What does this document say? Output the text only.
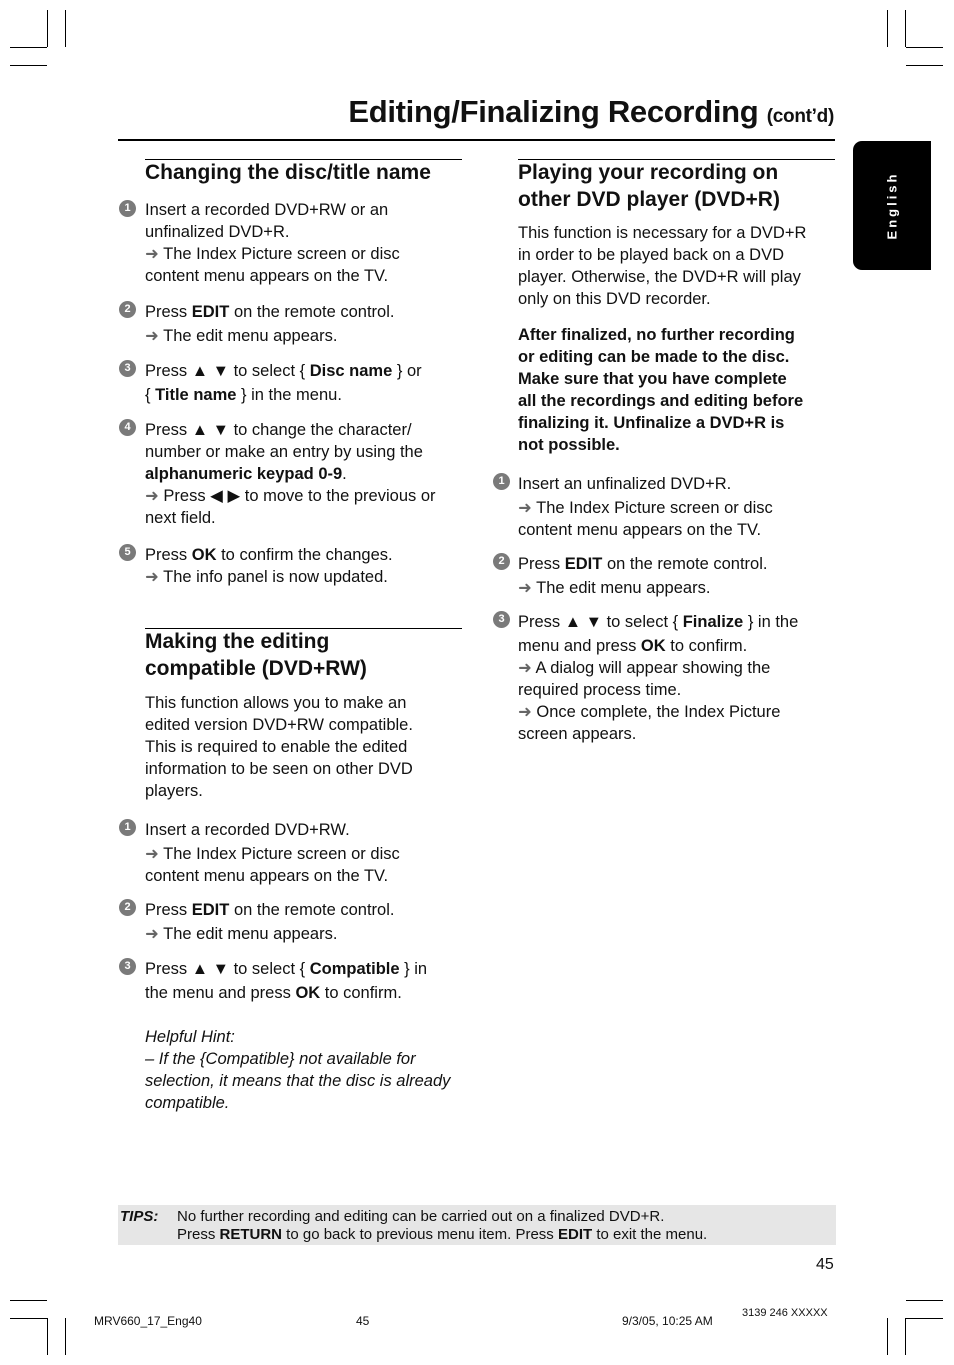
Editing/Finalizing Recording (cont’d)
English
Changing the disc/title name
1 Insert a recorded DVD+RW or an
unfinalized DVD+R.
➜ The Index Picture screen or disc
content menu appears on the TV.
2 Press EDIT on the remote control.
➜ The edit menu appears.
3 Press ▲ ▼ to select { Disc name } or
{ Title name } in the menu.
4 Press ▲ ▼ to change the character/
number or make an entry by using the
alphanumeric keypad 0-9.
➜ Press ◀ ▶ to move to the previous or
next field.
5 Press OK to confirm the changes.
➜ The info panel is now updated.
Making the editing
compatible (DVD+RW)
This function allows you to make an
edited version DVD+RW compatible.
This is required to enable the edited
information to be seen on other DVD
players.
1 Insert a recorded DVD+RW.
➜ The Index Picture screen or disc
content menu appears on the TV.
2 Press EDIT on the remote control.
➜ The edit menu appears.
3 Press ▲ ▼ to select { Compatible } in
the menu and press OK to confirm.
Helpful Hint:
– If the {Compatible} not available for
selection, it means that the disc is already
compatible.
Playing your recording on
other DVD player (DVD+R)
This function is necessary for a DVD+R
in order to be played back on a DVD
player. Otherwise, the DVD+R will play
only on this DVD recorder.
After finalized, no further recording
or editing can be made to the disc.
Make sure that you have complete
all the recordings and editing before
finalizing it. Unfinalize a DVD+R is
not possible.
1 Insert an unfinalized DVD+R.
➜ The Index Picture screen or disc
content menu appears on the TV.
2 Press EDIT on the remote control.
➜ The edit menu appears.
3 Press ▲ ▼ to select { Finalize } in the
menu and press OK to confirm.
➜ A dialog will appear showing the
required process time.
➜ Once complete, the Index Picture
screen appears.
TIPS: No further recording and editing can be carried out on a finalized DVD+R.
Press RETURN to go back to previous menu item. Press EDIT to exit the menu.
45
MRV660_17_Eng40	45	9/3/05, 10:25 AM
3139 246 XXXXX
